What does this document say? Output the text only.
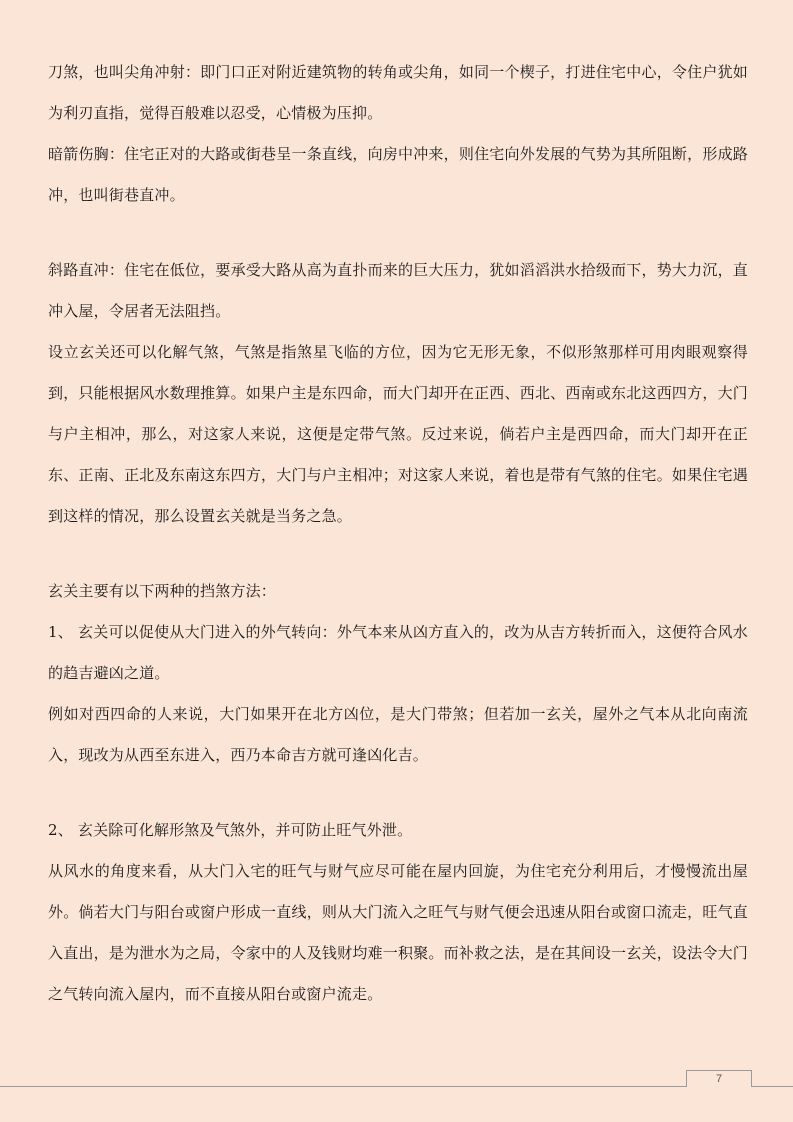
刀煞，也叫尖角冲射：即门口正对附近建筑物的转角或尖角，如同一个楔子，打进住宅中心，令住户犹如为利刃直指，觉得百般难以忍受，心情极为压抑。

暗箭伤胸：住宅正对的大路或街巷呈一条直线，向房中冲来，则住宅向外发展的气势为其所阻断，形成路冲，也叫街巷直冲。

斜路直冲：住宅在低位，要承受大路从高为直扑而来的巨大压力，犹如滔滔洪水拾级而下，势大力沉，直冲入屋，令居者无法阻挡。

设立玄关还可以化解气煞，气煞是指煞星飞临的方位，因为它无形无象，不似形煞那样可用肉眼观察得到，只能根据风水数理推算。如果户主是东四命，而大门却开在正西、西北、西南或东北这西四方，大门与户主相冲，那么，对这家人来说，这便是定带气煞。反过来说，倘若户主是西四命，而大门却开在正东、正南、正北及东南这东四方，大门与户主相冲；对这家人来说，着也是带有气煞的住宅。如果住宅遇到这样的情况，那么设置玄关就是当务之急。

玄关主要有以下两种的挡煞方法：

1、 玄关可以促使从大门进入的外气转向：外气本来从凶方直入的，改为从吉方转折而入，这便符合风水的趋吉避凶之道。

例如对西四命的人来说，大门如果开在北方凶位，是大门带煞；但若加一玄关，屋外之气本从北向南流入，现改为从西至东进入，西乃本命吉方就可逢凶化吉。

2、 玄关除可化解形煞及气煞外，并可防止旺气外泄。

从风水的角度来看，从大门入宅的旺气与财气应尽可能在屋内回旋，为住宅充分利用后，才慢慢流出屋外。倘若大门与阳台或窗户形成一直线，则从大门流入之旺气与财气便会迅速从阳台或窗口流走，旺气直入直出，是为泄水为之局，令家中的人及钱财均难一积聚。而补救之法，是在其间设一玄关，设法令大门之气转向流入屋内，而不直接从阳台或窗户流走。

7
